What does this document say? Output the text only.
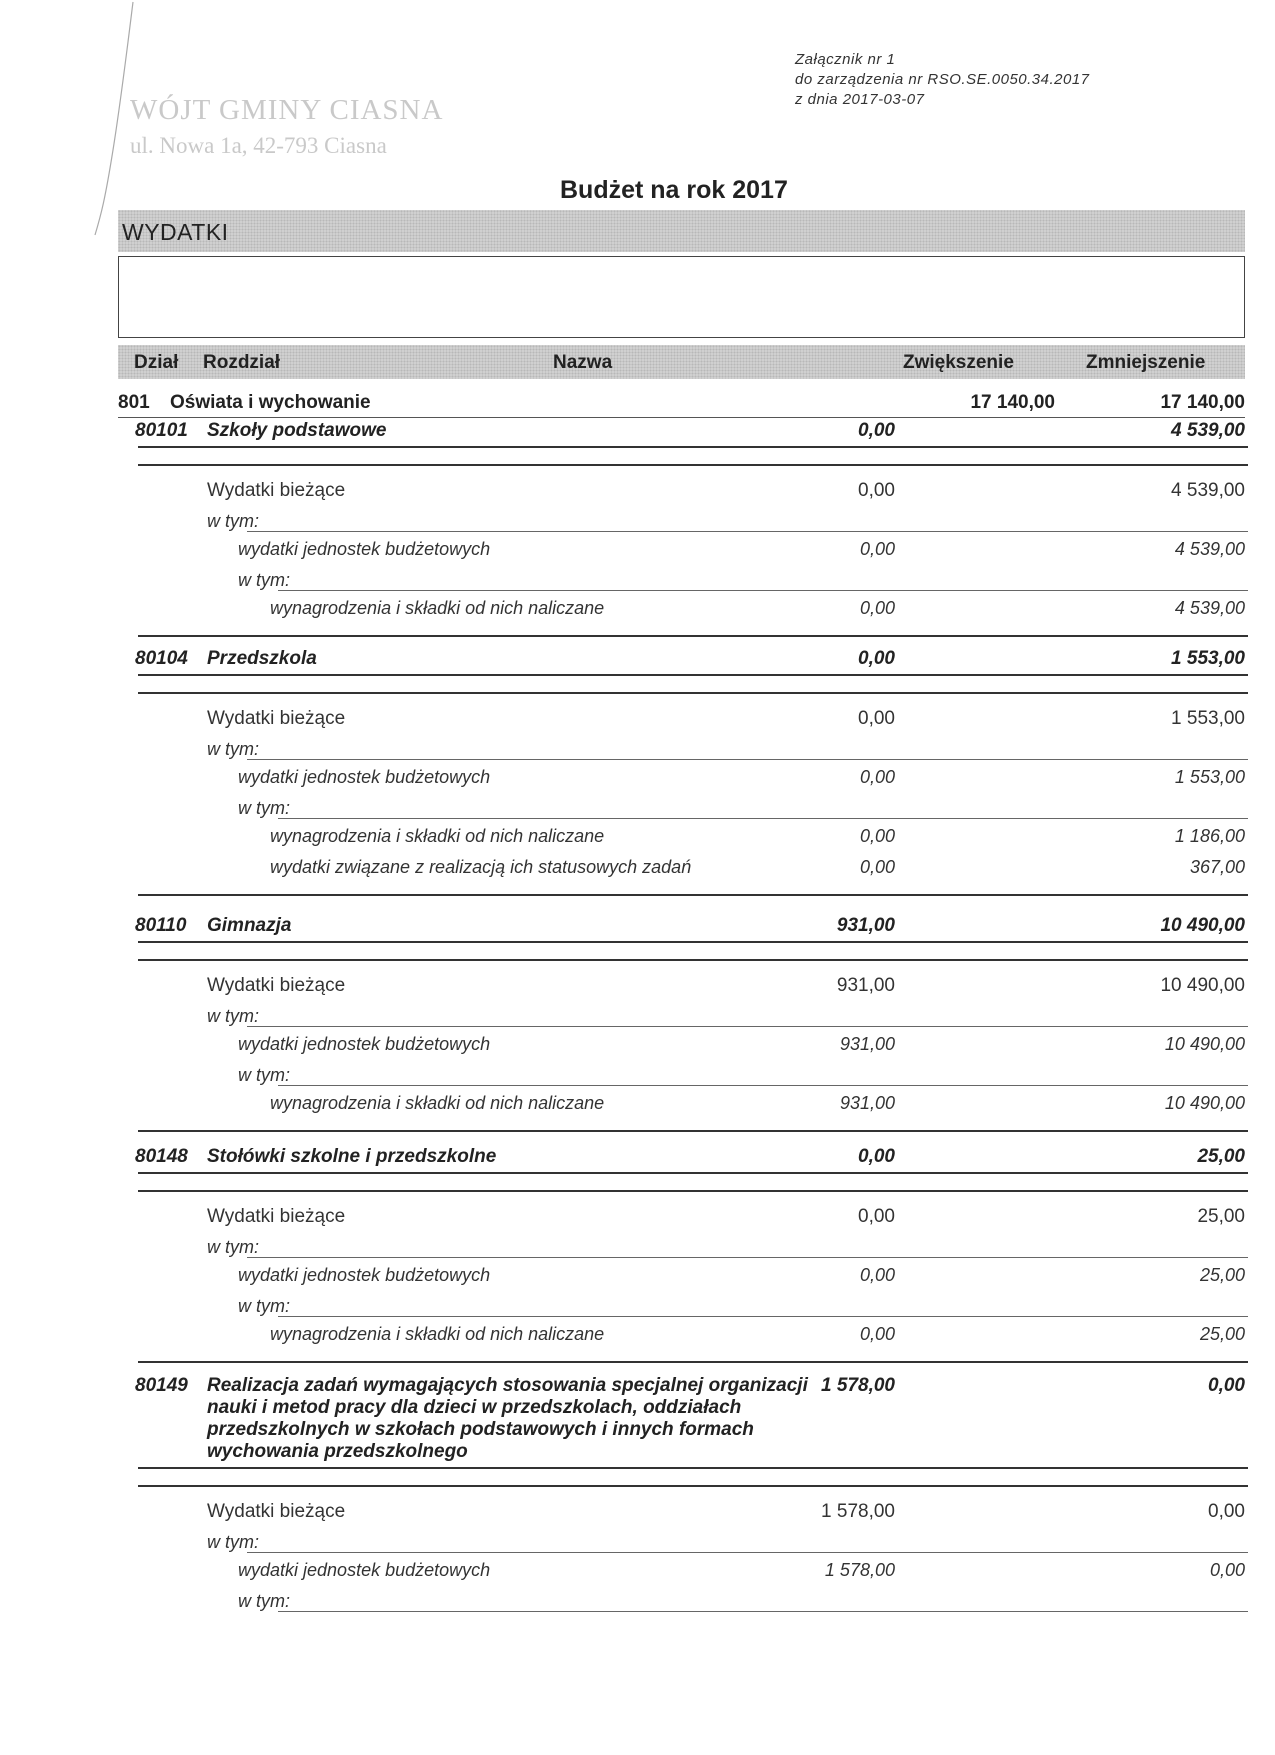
Załącznik nr 1
do zarządzenia nr RSO.SE.0050.34.2017
z dnia 2017-03-07
WÓJT GMINY CIASNA
ul. Nowa 1a, 42-793 Ciasna
Budżet na rok 2017
WYDATKI
Dział Rozdział	Nazwa	Zwiększenie	Zmniejszenie
801 Oświata i wychowanie	17 140,00	17 140,00
80101 Szkoły podstawowe	0,00	4 539,00
Wydatki bieżące	0,00	4 539,00
w tym:
wydatki jednostek budżetowych	0,00	4 539,00
w tym:
wynagrodzenia i składki od nich naliczane	0,00	4 539,00
80104 Przedszkola	0,00	1 553,00
Wydatki bieżące	0,00	1 553,00
w tym:
wydatki jednostek budżetowych	0,00	1 553,00
w tym:
wynagrodzenia i składki od nich naliczane	0,00	1 186,00
wydatki związane z realizacją ich statusowych zadań	0,00	367,00
80110 Gimnazja	931,00	10 490,00
Wydatki bieżące	931,00	10 490,00
w tym:
wydatki jednostek budżetowych	931,00	10 490,00
w tym:
wynagrodzenia i składki od nich naliczane	931,00	10 490,00
80148 Stołówki szkolne i przedszkolne	0,00	25,00
Wydatki bieżące	0,00	25,00
w tym:
wydatki jednostek budżetowych	0,00	25,00
w tym:
wynagrodzenia i składki od nich naliczane	0,00	25,00
80149 Realizacja zadań wymagających stosowania specjalnej organizacji
nauki i metod pracy dla dzieci w przedszkolach, oddziałach
przedszkolnych w szkołach podstawowych i innych formach
wychowania przedszkolnego
1 578,00	0,00
Wydatki bieżące	1 578,00	0,00
w tym:
wydatki jednostek budżetowych	1 578,00	0,00
w tym:
